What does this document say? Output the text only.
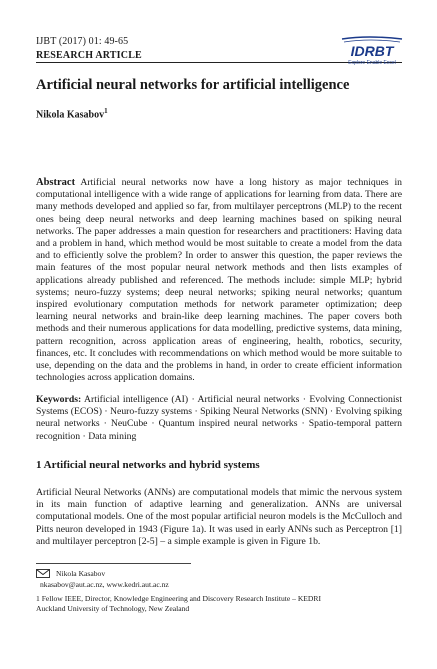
IJBT (2017) 01: 49-65
RESEARCH ARTICLE	IDRBT
Explore Enable Excel
Artificial neural networks for artificial intelligence
Nikola Kasabov$^1$

Abstract Artificial neural networks now have a long history as major techniques in computational intelligence with a wide range of applications for learning from data. There are many methods developed and applied so far, from multilayer perceptrons (MLP) to the recent ones being deep neural networks and deep learning machines based on spiking neural networks. The paper addresses a main question for researchers and practitioners: Having data and a problem in hand, which method would be most suitable to create a model from the data and to efficiently solve the problem? In order to answer this question, the paper reviews the main features of the most popular neural network methods and then lists examples of applications already published and referenced. The methods include: simple MLP; hybrid systems; neuro-fuzzy systems; deep neural networks; spiking neural networks; quantum inspired evolutionary computation methods for network parameter optimization; deep learning neural networks and brain-like deep learning machines. The paper covers both methods and their numerous applications for data modelling, predictive systems, data mining, pattern recognition, across application areas of engineering, health, robotics, security, finances, etc. It concludes with recommendations on which method would be more suitable to use, depending on the data and the problems in hand, in order to create efficient information technologies across application domains.

Keywords: Artificial intelligence (AI) · Artificial neural networks · Evolving Connectionist Systems (ECOS) · Neuro-fuzzy systems · Spiking Neural Networks (SNN) · Evolving spiking neural networks · NeuCube · Quantum inspired neural networks · Spatio-temporal pattern recognition · Data mining

1 Artificial neural networks and hybrid systems

Artificial Neural Networks (ANNs) are computational models that mimic the nervous system in its main function of adaptive learning and generalization. ANNs are universal computational models. One of the most popular artificial neuron models is the McCulloch and Pitts neuron developed in 1943 (Figure 1a). It was used in early ANNs such as Perceptron [1] and multilayer perceptron [2-5] – a simple example is given in Figure 1b.

Nikola Kasabov
nkasabov@aut.ac.nz, www.kedri.aut.ac.nz
1 Fellow IEEE, Director, Knowledge Engineering and Discovery Research Institute – KEDRI
Auckland University of Technology, New Zealand
